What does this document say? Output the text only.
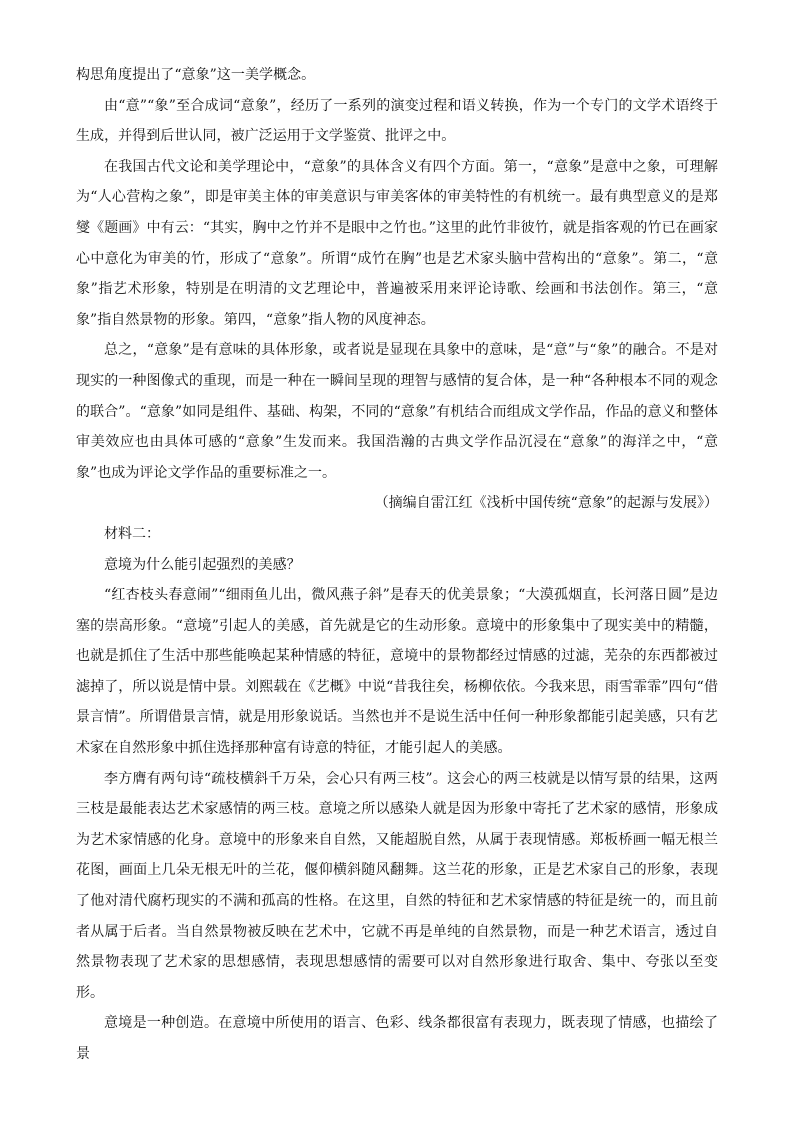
构思角度提出了“意象”这一美学概念。

由“意”“象”至合成词“意象”，经历了一系列的演变过程和语义转换，作为一个专门的文学术语终于生成，并得到后世认同，被广泛运用于文学鉴赏、批评之中。

在我国古代文论和美学理论中，“意象”的具体含义有四个方面。第一，“意象”是意中之象，可理解为“人心营构之象”，即是审美主体的审美意识与审美客体的审美特性的有机统一。最有典型意义的是郑燮《题画》中有云：“其实，胸中之竹并不是眼中之竹也。”这里的此竹非彼竹，就是指客观的竹已在画家心中意化为审美的竹，形成了“意象”。所谓“成竹在胸”也是艺术家头脑中营构出的“意象”。第二，“意象”指艺术形象，特别是在明清的文艺理论中，普遍被采用来评论诗歌、绘画和书法创作。第三，“意象”指自然景物的形象。第四，“意象”指人物的风度神态。

总之，“意象”是有意味的具体形象，或者说是显现在具象中的意味，是“意”与“象”的融合。不是对现实的一种图像式的重现，而是一种在一瞬间呈现的理智与感情的复合体，是一种“各种根本不同的观念的联合”。“意象”如同是组件、基础、构架，不同的“意象”有机结合而组成文学作品，作品的意义和整体审美效应也由具体可感的“意象”生发而来。我国浩瀚的古典文学作品沉浸在“意象”的海洋之中，“意象”也成为评论文学作品的重要标准之一。

（摘编自雷江红《浅析中国传统“意象”的起源与发展》）

材料二：

意境为什么能引起强烈的美感？

“红杏枝头春意闹”“细雨鱼儿出，微风燕子斜”是春天的优美景象；“大漠孤烟直，长河落日圆”是边塞的崇高形象。“意境”引起人的美感，首先就是它的生动形象。意境中的形象集中了现实美中的精髓，也就是抓住了生活中那些能唤起某种情感的特征，意境中的景物都经过情感的过滤，芜杂的东西都被过滤掉了，所以说是情中景。刘熙载在《艺概》中说“昔我往矣，杨柳依依。今我来思，雨雪霏霏”四句“借景言情”。所谓借景言情，就是用形象说话。当然也并不是说生活中任何一种形象都能引起美感，只有艺术家在自然形象中抓住选择那种富有诗意的特征，才能引起人的美感。

李方膺有两句诗“疏枝横斜千万朵，会心只有两三枝”。这会心的两三枝就是以情写景的结果，这两三枝是最能表达艺术家感情的两三枝。意境之所以感染人就是因为形象中寄托了艺术家的感情，形象成为艺术家情感的化身。意境中的形象来自自然，又能超脱自然，从属于表现情感。郑板桥画一幅无根兰花图，画面上几朵无根无叶的兰花，偃仰横斜随风翻舞。这兰花的形象，正是艺术家自己的形象，表现了他对清代腐朽现实的不满和孤高的性格。在这里，自然的特征和艺术家情感的特征是统一的，而且前者从属于后者。当自然景物被反映在艺术中，它就不再是单纯的自然景物，而是一种艺术语言，透过自然景物表现了艺术家的思想感情，表现思想感情的需要可以对自然形象进行取舍、集中、夸张以至变形。

意境是一种创造。在意境中所使用的语言、色彩、线条都很富有表现力，既表现了情感，也描绘了景
